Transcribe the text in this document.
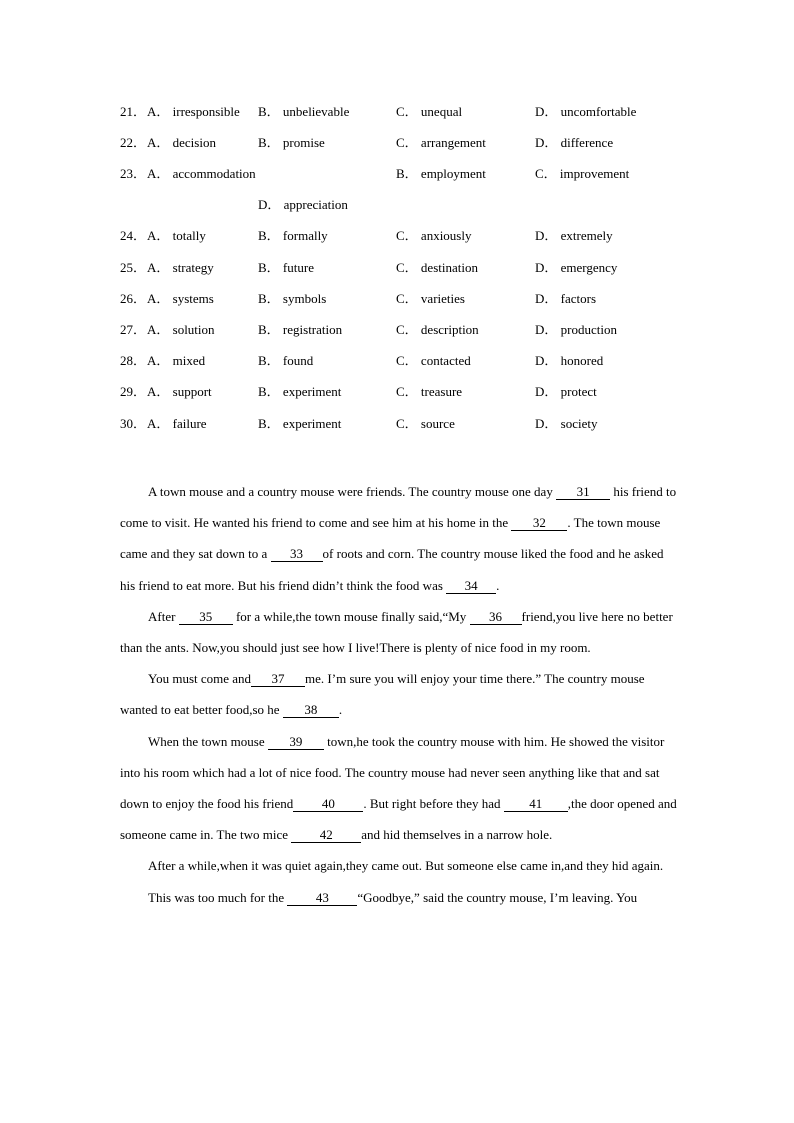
21． A． irresponsible B． unbelievable	C． unequal	D． uncomfortable
22． A． decision	B． promise	C． arrangement	D． difference
23． A． accommodation	B． employment	C． improvement
D． appreciation
24． A． totally	B． formally	C． anxiously	D． extremely
25． A． strategy	B． future	C． destination	D． emergency
26． A． systems	B． symbols	C． varieties	D． factors
27． A． solution	B． registration	C． description	D． production
28． A． mixed	B． found	C． contacted	D． honored
29． A． support	B． experiment	C． treasure	D． protect
30． A． failure	B． experiment	C． source	D． society

A town mouse and a country mouse were friends. The country mouse one day 31 his friend to come to visit. He wanted his friend to come and see him at his home in the 32 . The town mouse came and they sat down to a 33 of roots and corn. The country mouse liked the food and he asked his friend to eat more. But his friend didn’t think the food was 34 .

After 35 for a while,the town mouse finally said,“My 36 friend,you live here no better than the ants. Now,you should just see how I live!There is plenty of nice food in my room.

You must come and 37 me. I’m sure you will enjoy your time there.” The country mouse wanted to eat better food,so he 38 .

When the town mouse 39 town,he took the country mouse with him. He showed the visitor into his room which had a lot of nice food. The country mouse had never seen anything like that and sat down to enjoy the food his friend 40 . But right before they had 41 ,the door opened and someone came in. The two mice 42 and hid themselves in a narrow hole.

After a while,when it was quiet again,they came out. But someone else came in,and they hid again.

This was too much for the 43 “Goodbye,” said the country mouse, I’m leaving. You
